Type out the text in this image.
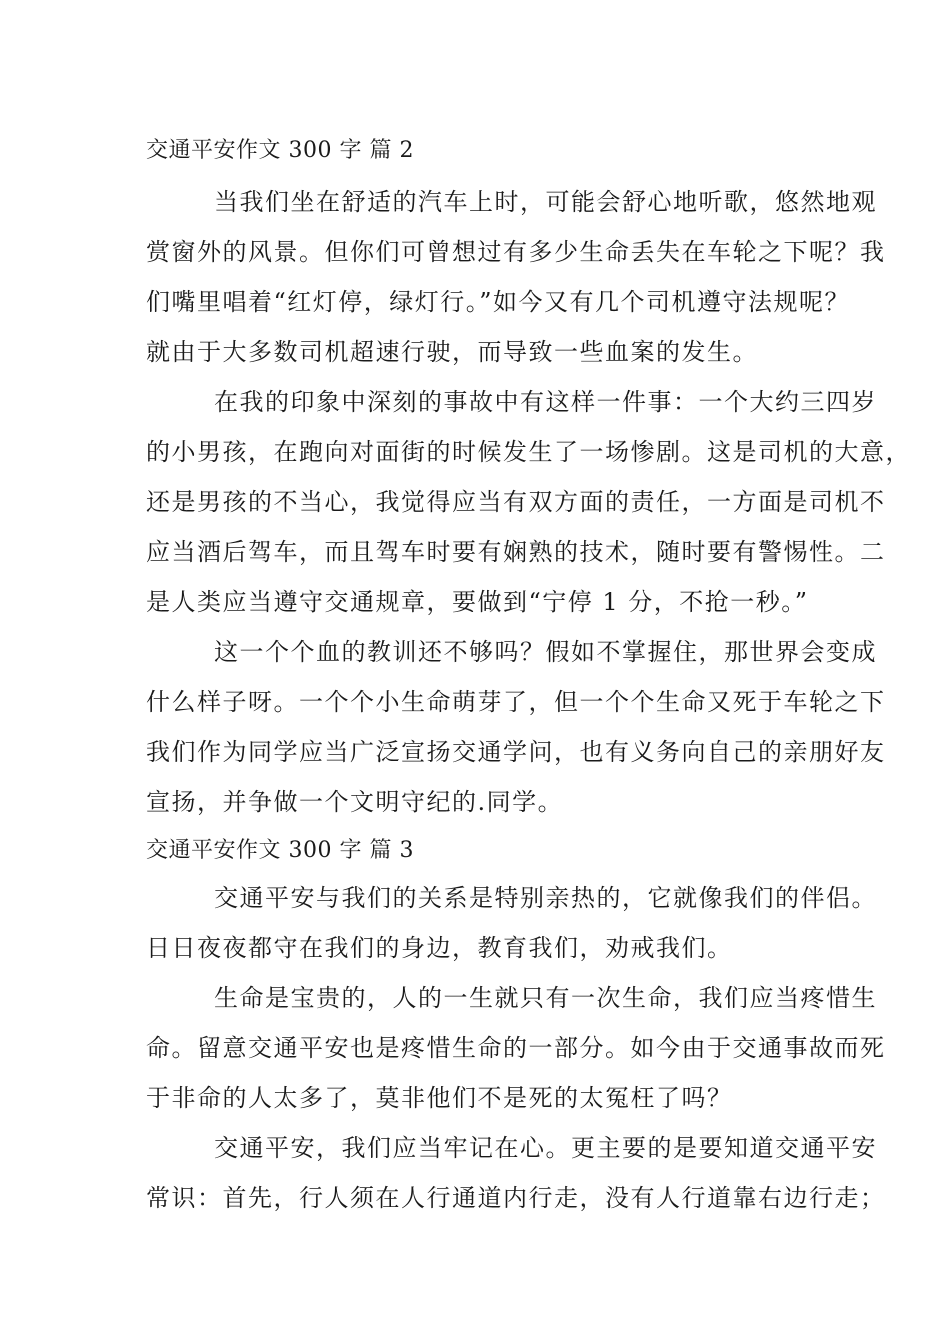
交通平安作文 300 字 篇 2
当我们坐在舒适的汽车上时，可能会舒心地听歌，悠然地观
赏窗外的风景。但你们可曾想过有多少生命丢失在车轮之下呢？我
们嘴里唱着“红灯停，绿灯行。”如今又有几个司机遵守法规呢？
就由于大多数司机超速行驶，而导致一些血案的发生。
在我的印象中深刻的事故中有这样一件事：一个大约三四岁
的小男孩，在跑向对面街的时候发生了一场惨剧。这是司机的大意，
还是男孩的不当心，我觉得应当有双方面的责任，一方面是司机不
应当酒后驾车，而且驾车时要有娴熟的技术，随时要有警惕性。二
是人类应当遵守交通规章，要做到“宁停 1 分，不抢一秒。”
这一个个血的教训还不够吗？假如不掌握住，那世界会变成
什么样子呀。一个个小生命萌芽了，但一个个生命又死于车轮之下
我们作为同学应当广泛宣扬交通学问，也有义务向自己的亲朋好友
宣扬，并争做一个文明守纪的.同学。
交通平安作文 300 字 篇 3
交通平安与我们的关系是特别亲热的，它就像我们的伴侣。
日日夜夜都守在我们的身边，教育我们，劝戒我们。
生命是宝贵的，人的一生就只有一次生命，我们应当疼惜生
命。留意交通平安也是疼惜生命的一部分。如今由于交通事故而死
于非命的人太多了，莫非他们不是死的太冤枉了吗？
交通平安，我们应当牢记在心。更主要的是要知道交通平安
常识：首先，行人须在人行通道内行走，没有人行道靠右边行走；
